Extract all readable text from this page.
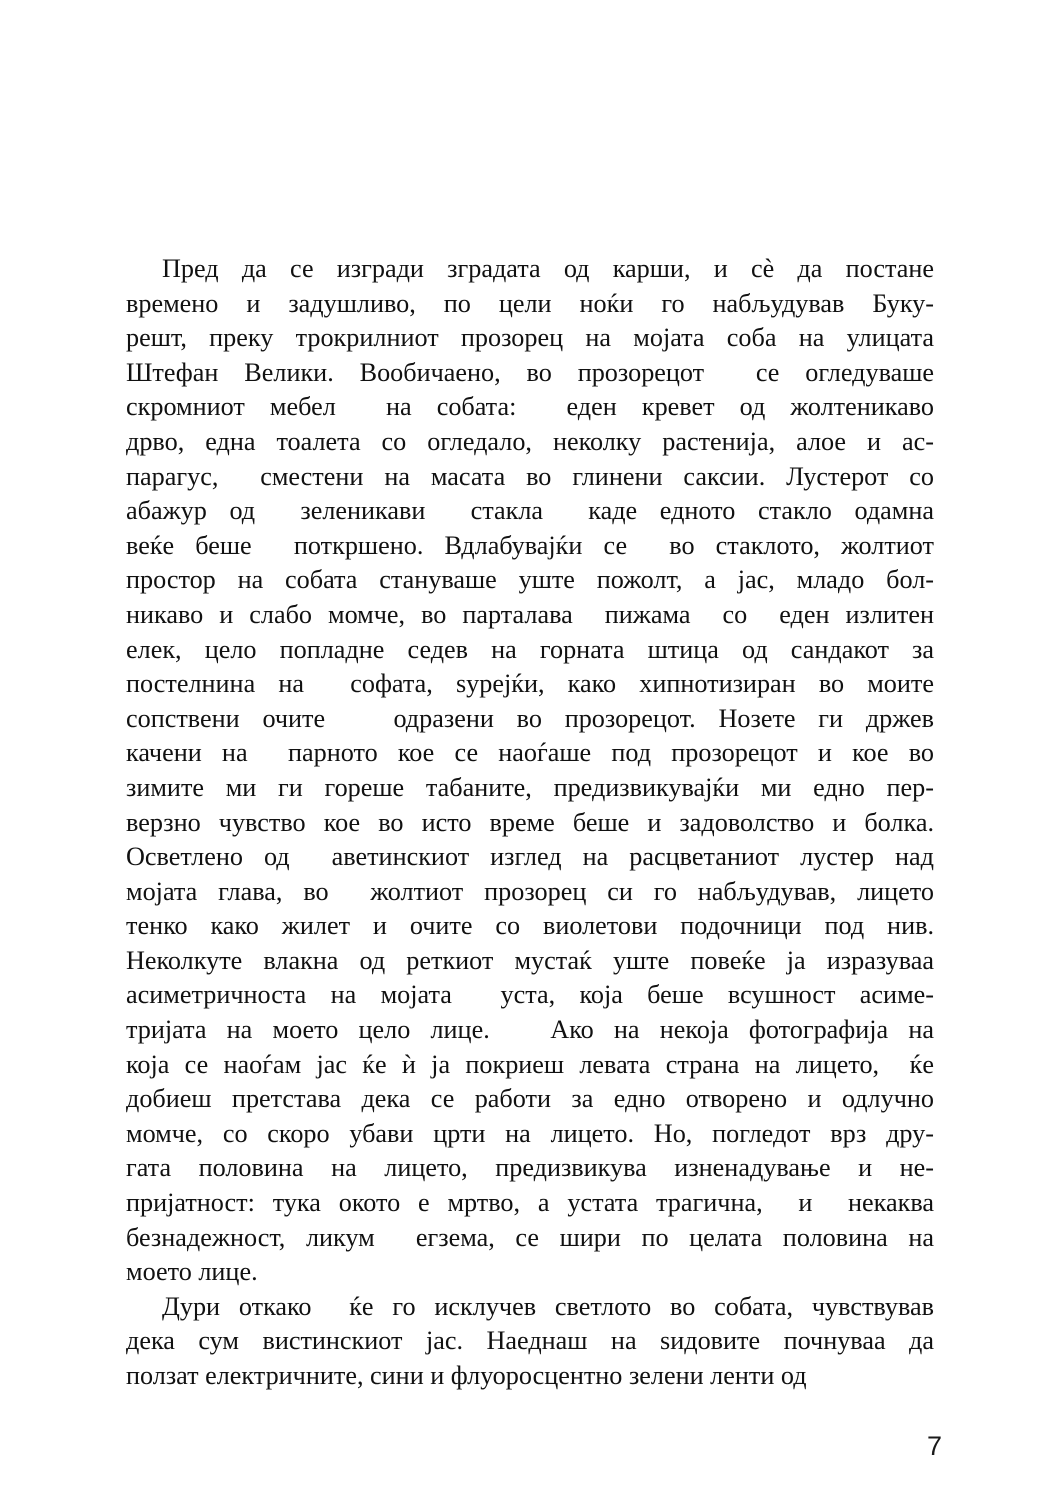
Пред да се изгради зградата од карши, и сè да постане
времено и задушливо, по цели ноќи го набљудував Буку-
решт, преку трокрилниот прозорец на мојата соба на улицата
Штефан Велики. Вообичаено, во прозорецот  се огледуваше
скромниот мебел  на собата:  еден кревет од жолтеникаво
дрво, една тоалета со огледало, неколку растенија, алое и ас-
парагус,  сместени на масата во глинени саксии. Лустерот со
абажур од  зеленикави  стакла  каде едното стакло одамна
веќе беше  поткршено. Вдлабувајќи се  во стаклото, жолтиот
простор на собата стануваше уште пожолт, а јас, младо бол-
никаво и слабо момче, во парталава  пижама  со  еден излитен
елек, цело попладне седев на горната штица од сандакот за
постелнина на  софата, ѕурејќи, како хипнотизиран во моите
сопствени очите   одразени во прозорецот. Нозете ги држев
качени на  парното кое се наоѓаше под прозорецот и кое во
зимите ми ги гореше табаните, предизвикувајќи ми едно пер-
верзно чувство кое во исто време беше и задоволство и болка.
Осветлено од  аветинскиот изглед на расцветаниот лустер над
мојата глава, во  жолтиот прозорец си го набљудував, лицето
тенко како жилет и очите со виолетови подочници под нив.
Неколкуте влакна од реткиот мустаќ уште повеќе ја изразуваа
асиметричноста на мојата  уста, која беше всушност асиме-
тријата на моето цело лице.   Ако на некоја фотографија на
која се наоѓам јас ќе ѝ ја покриеш левата страна на лицето,  ќе
добиеш претстава дека се работи за едно отворено и одлучно
момче, со скоро убави црти на лицето. Но, погледот врз дру-
гата половина на лицето, предизвикува изненадување и не-
пријатност: тука окото е мртво, а устата трагична,  и  некаква
безнадежност, ликум  егзема, се шири по целата половина на
моето лице.

Дури откако  ќе го исклучев светлото во собата, чувствував
дека сум вистинскиот јас. Наеднаш на ѕидовите почнуваа да
ползат електричните, сини и флуоросцентно зелени ленти од

7
